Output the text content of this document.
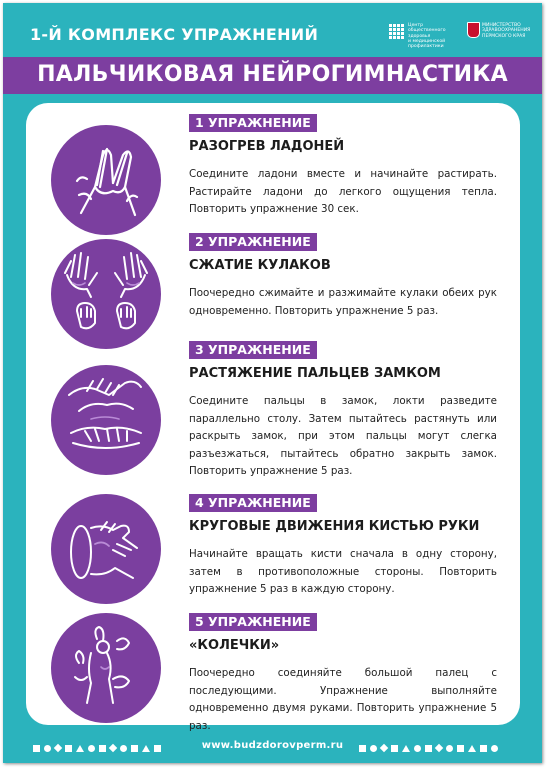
1-Й КОМПЛЕКС УПРАЖНЕНИЙ	Центр
общественного
здоровья
и медицинской
профилактики
МИНИСТЕРСТВО
ЗДРАВООХРАНЕНИЯ
ПЕРМСКОГО КРАЯ
ПАЛЬЧИКОВАЯ НЕЙРОГИМНАСТИКА
1 УПРАЖНЕНИЕ
РАЗОГРЕВ ЛАДОНЕЙ
Соедините ладони вместе и начинайте растирать. Растирайте ладони до легкого ощущения тепла. Повторить упражнение 30 сек.
2 УПРАЖНЕНИЕ
СЖАТИЕ КУЛАКОВ
Поочередно сжимайте и разжимайте кулаки обеих рук одновременно. Повторить упражнение 5 раз.
3 УПРАЖНЕНИЕ
РАСТЯЖЕНИЕ ПАЛЬЦЕВ ЗАМКОМ
Соедините пальцы в замок, локти разведите параллельно столу. Затем пытайтесь растянуть или раскрыть замок, при этом пальцы могут слегка разъезжаться, пытайтесь обратно закрыть замок. Повторить упражнение 5 раз.
4 УПРАЖНЕНИЕ
КРУГОВЫЕ ДВИЖЕНИЯ КИСТЬЮ РУКИ
Начинайте вращать кисти сначала в одну сторону, затем в противоположные стороны. Повторить упражнение 5 раз в каждую сторону.
5 УПРАЖНЕНИЕ
«КОЛЕЧКИ»
Поочередно соединяйте большой палец с последующими. Упражнение выполняйте одновременно двумя руками. Повторить упражнение 5 раз.
www.budzdorovperm.ru
